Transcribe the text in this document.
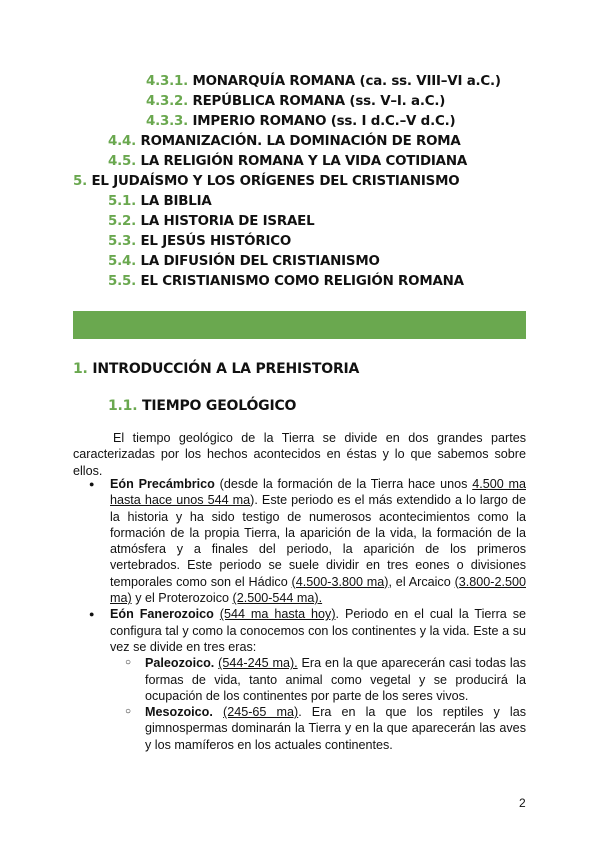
4.3.1. MONARQUÍA ROMANA (ca. ss. VIII–VI a.C.)
4.3.2. REPÚBLICA ROMANA (ss. V–I. a.C.)
4.3.3. IMPERIO ROMANO (ss. I d.C.–V d.C.)
4.4. ROMANIZACIÓN. LA DOMINACIÓN DE ROMA
4.5. LA RELIGIÓN ROMANA Y LA VIDA COTIDIANA
5. EL JUDAÍSMO Y LOS ORÍGENES DEL CRISTIANISMO
5.1. LA BIBLIA
5.2. LA HISTORIA DE ISRAEL
5.3. EL JESÚS HISTÓRICO
5.4. LA DIFUSIÓN DEL CRISTIANISMO
5.5. EL CRISTIANISMO COMO RELIGIÓN ROMANA
1. INTRODUCCIÓN A LA PREHISTORIA
1.1. TIEMPO GEOLÓGICO

El tiempo geológico de la Tierra se divide en dos grandes partes caracterizadas por los hechos acontecidos en éstas y lo que sabemos sobre ellos.

● Eón Precámbrico (desde la formación de la Tierra hace unos 4.500 ma hasta hace unos 544 ma). Este periodo es el más extendido a lo largo de la historia y ha sido testigo de numerosos acontecimientos como la formación de la propia Tierra, la aparición de la vida, la formación de la atmósfera y a finales del periodo, la aparición de los primeros vertebrados. Este periodo se suele dividir en tres eones o divisiones temporales como son el Hádico (4.500-3.800 ma), el Arcaico (3.800-2.500 ma) y el Proterozoico (2.500-544 ma).
● Eón Fanerozoico (544 ma hasta hoy). Periodo en el cual la Tierra se configura tal y como la conocemos con los continentes y la vida. Este a su vez se divide en tres eras:
○ Paleozoico. (544-245 ma). Era en la que aparecerán casi todas las formas de vida, tanto animal como vegetal y se producirá la ocupación de los continentes por parte de los seres vivos.
○ Mesozoico. (245-65 ma). Era en la que los reptiles y las gimnospermas dominarán la Tierra y en la que aparecerán las aves y los mamíferos en los actuales continentes.
2
